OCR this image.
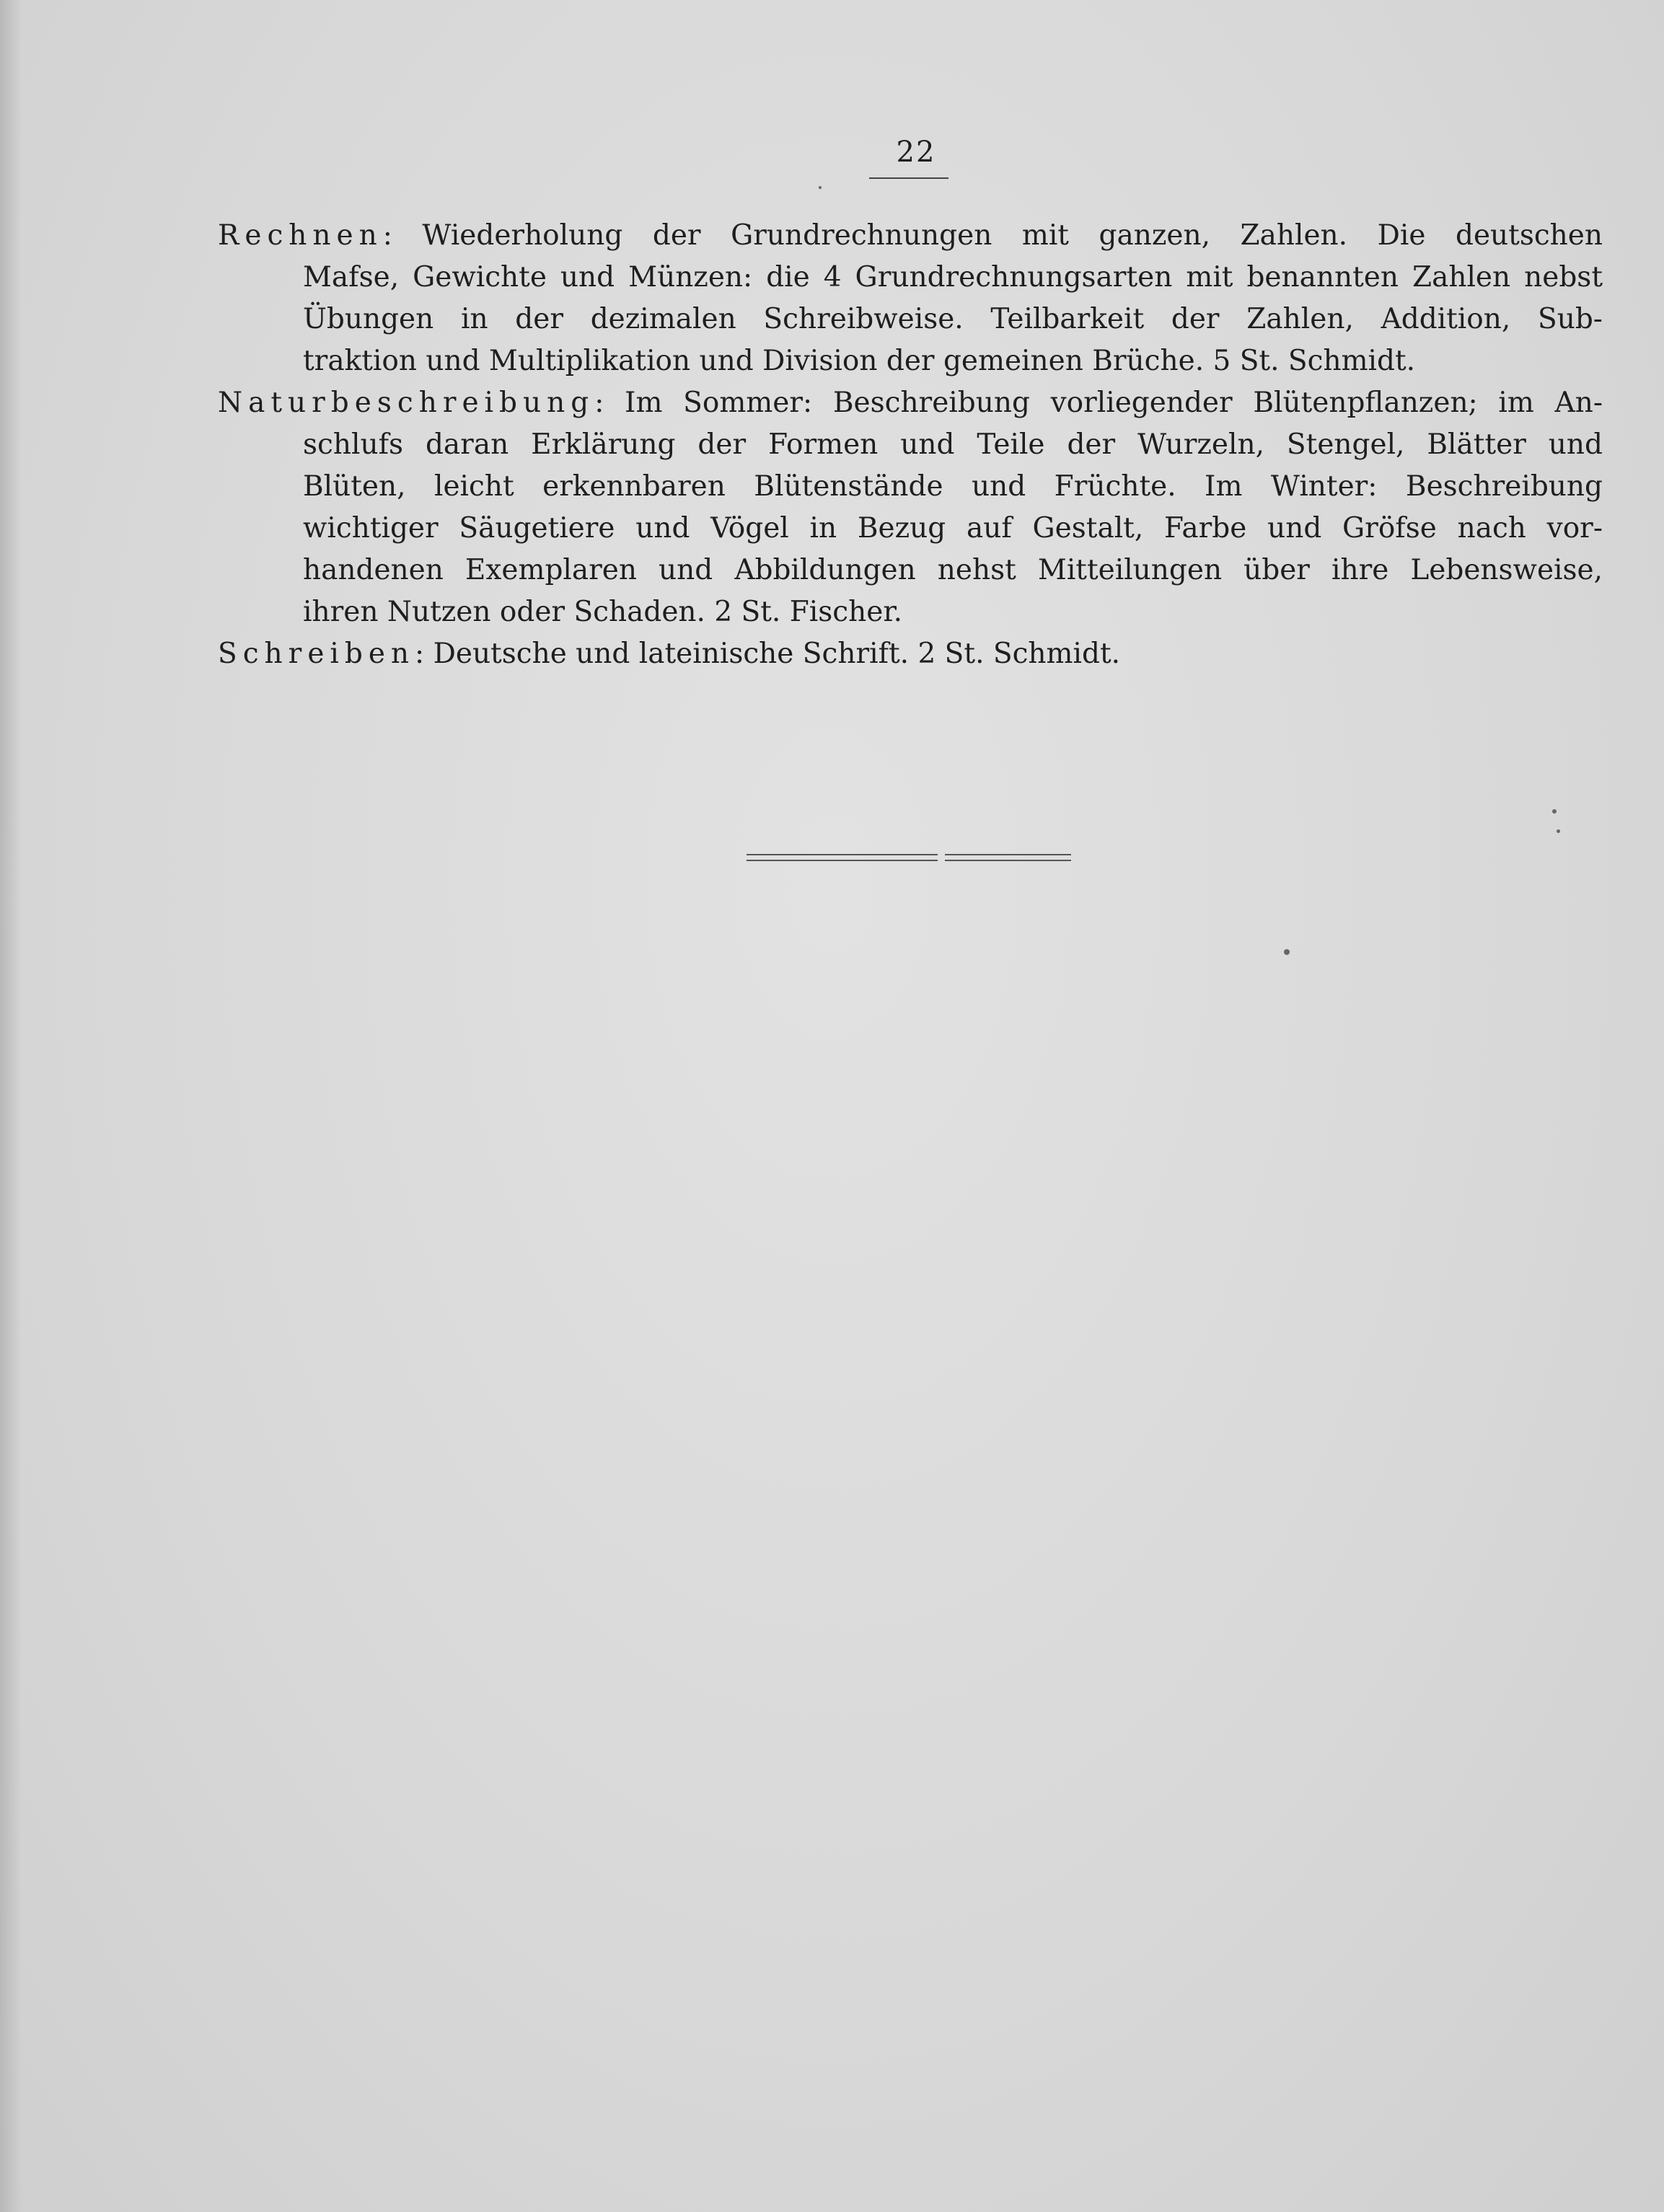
22
Rechnen: Wiederholung der Grundrechnungen mit ganzen, Zahlen. Die deutschen
Mafse, Gewichte und Münzen: die 4 Grundrechnungsarten mit benannten Zahlen nebst
Übungen in der dezimalen Schreibweise. Teilbarkeit der Zahlen, Addition, Sub-
traktion und Multiplikation und Division der gemeinen Brüche. 5 St. Schmidt.
Naturbeschreibung: Im Sommer: Beschreibung vorliegender Blütenpflanzen; im An-
schlufs daran Erklärung der Formen und Teile der Wurzeln, Stengel, Blätter und
Blüten, leicht erkennbaren Blütenstände und Früchte. Im Winter: Beschreibung
wichtiger Säugetiere und Vögel in Bezug auf Gestalt, Farbe und Gröfse nach vor-
handenen Exemplaren und Abbildungen nehst Mitteilungen über ihre Lebensweise,
ihren Nutzen oder Schaden. 2 St. Fischer.
Schreiben: Deutsche und lateinische Schrift. 2 St. Schmidt.
